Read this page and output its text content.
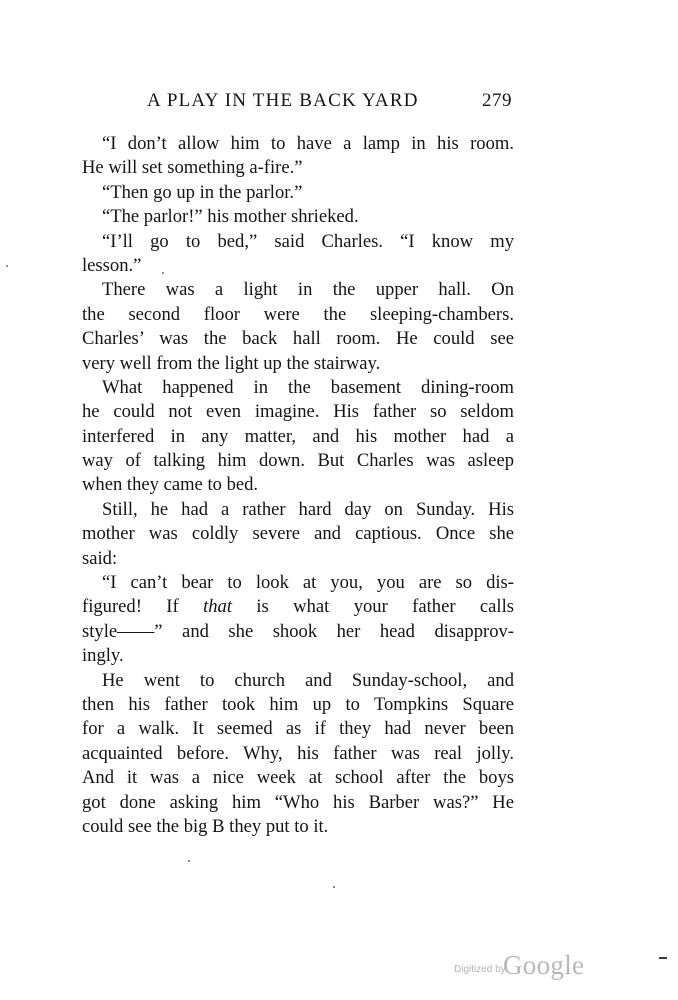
A PLAY IN THE BACK YARD	279
“I don’t allow him to have a lamp in his room.
He will set something a-fire.”
“Then go up in the parlor.”
“The parlor!” his mother shrieked.
“I’ll go to bed,” said Charles. “I know my
lesson.”
There was a light in the upper hall. On
the second floor were the sleeping-chambers.
Charles’ was the back hall room. He could see
very well from the light up the stairway.
What happened in the basement dining-room
he could not even imagine. His father so seldom
interfered in any matter, and his mother had a
way of talking him down. But Charles was asleep
when they came to bed.
Still, he had a rather hard day on Sunday. His
mother was coldly severe and captious. Once she
said:
“I can’t bear to look at you, you are so dis-
figured! If that is what your father calls
style——” and she shook her head disapprov-
ingly.
He went to church and Sunday-school, and
then his father took him up to Tompkins Square
for a walk. It seemed as if they had never been
acquainted before. Why, his father was real jolly.
And it was a nice week at school after the boys
got done asking him “Who his Barber was?” He
could see the big B they put to it.
Digitized by
Google
